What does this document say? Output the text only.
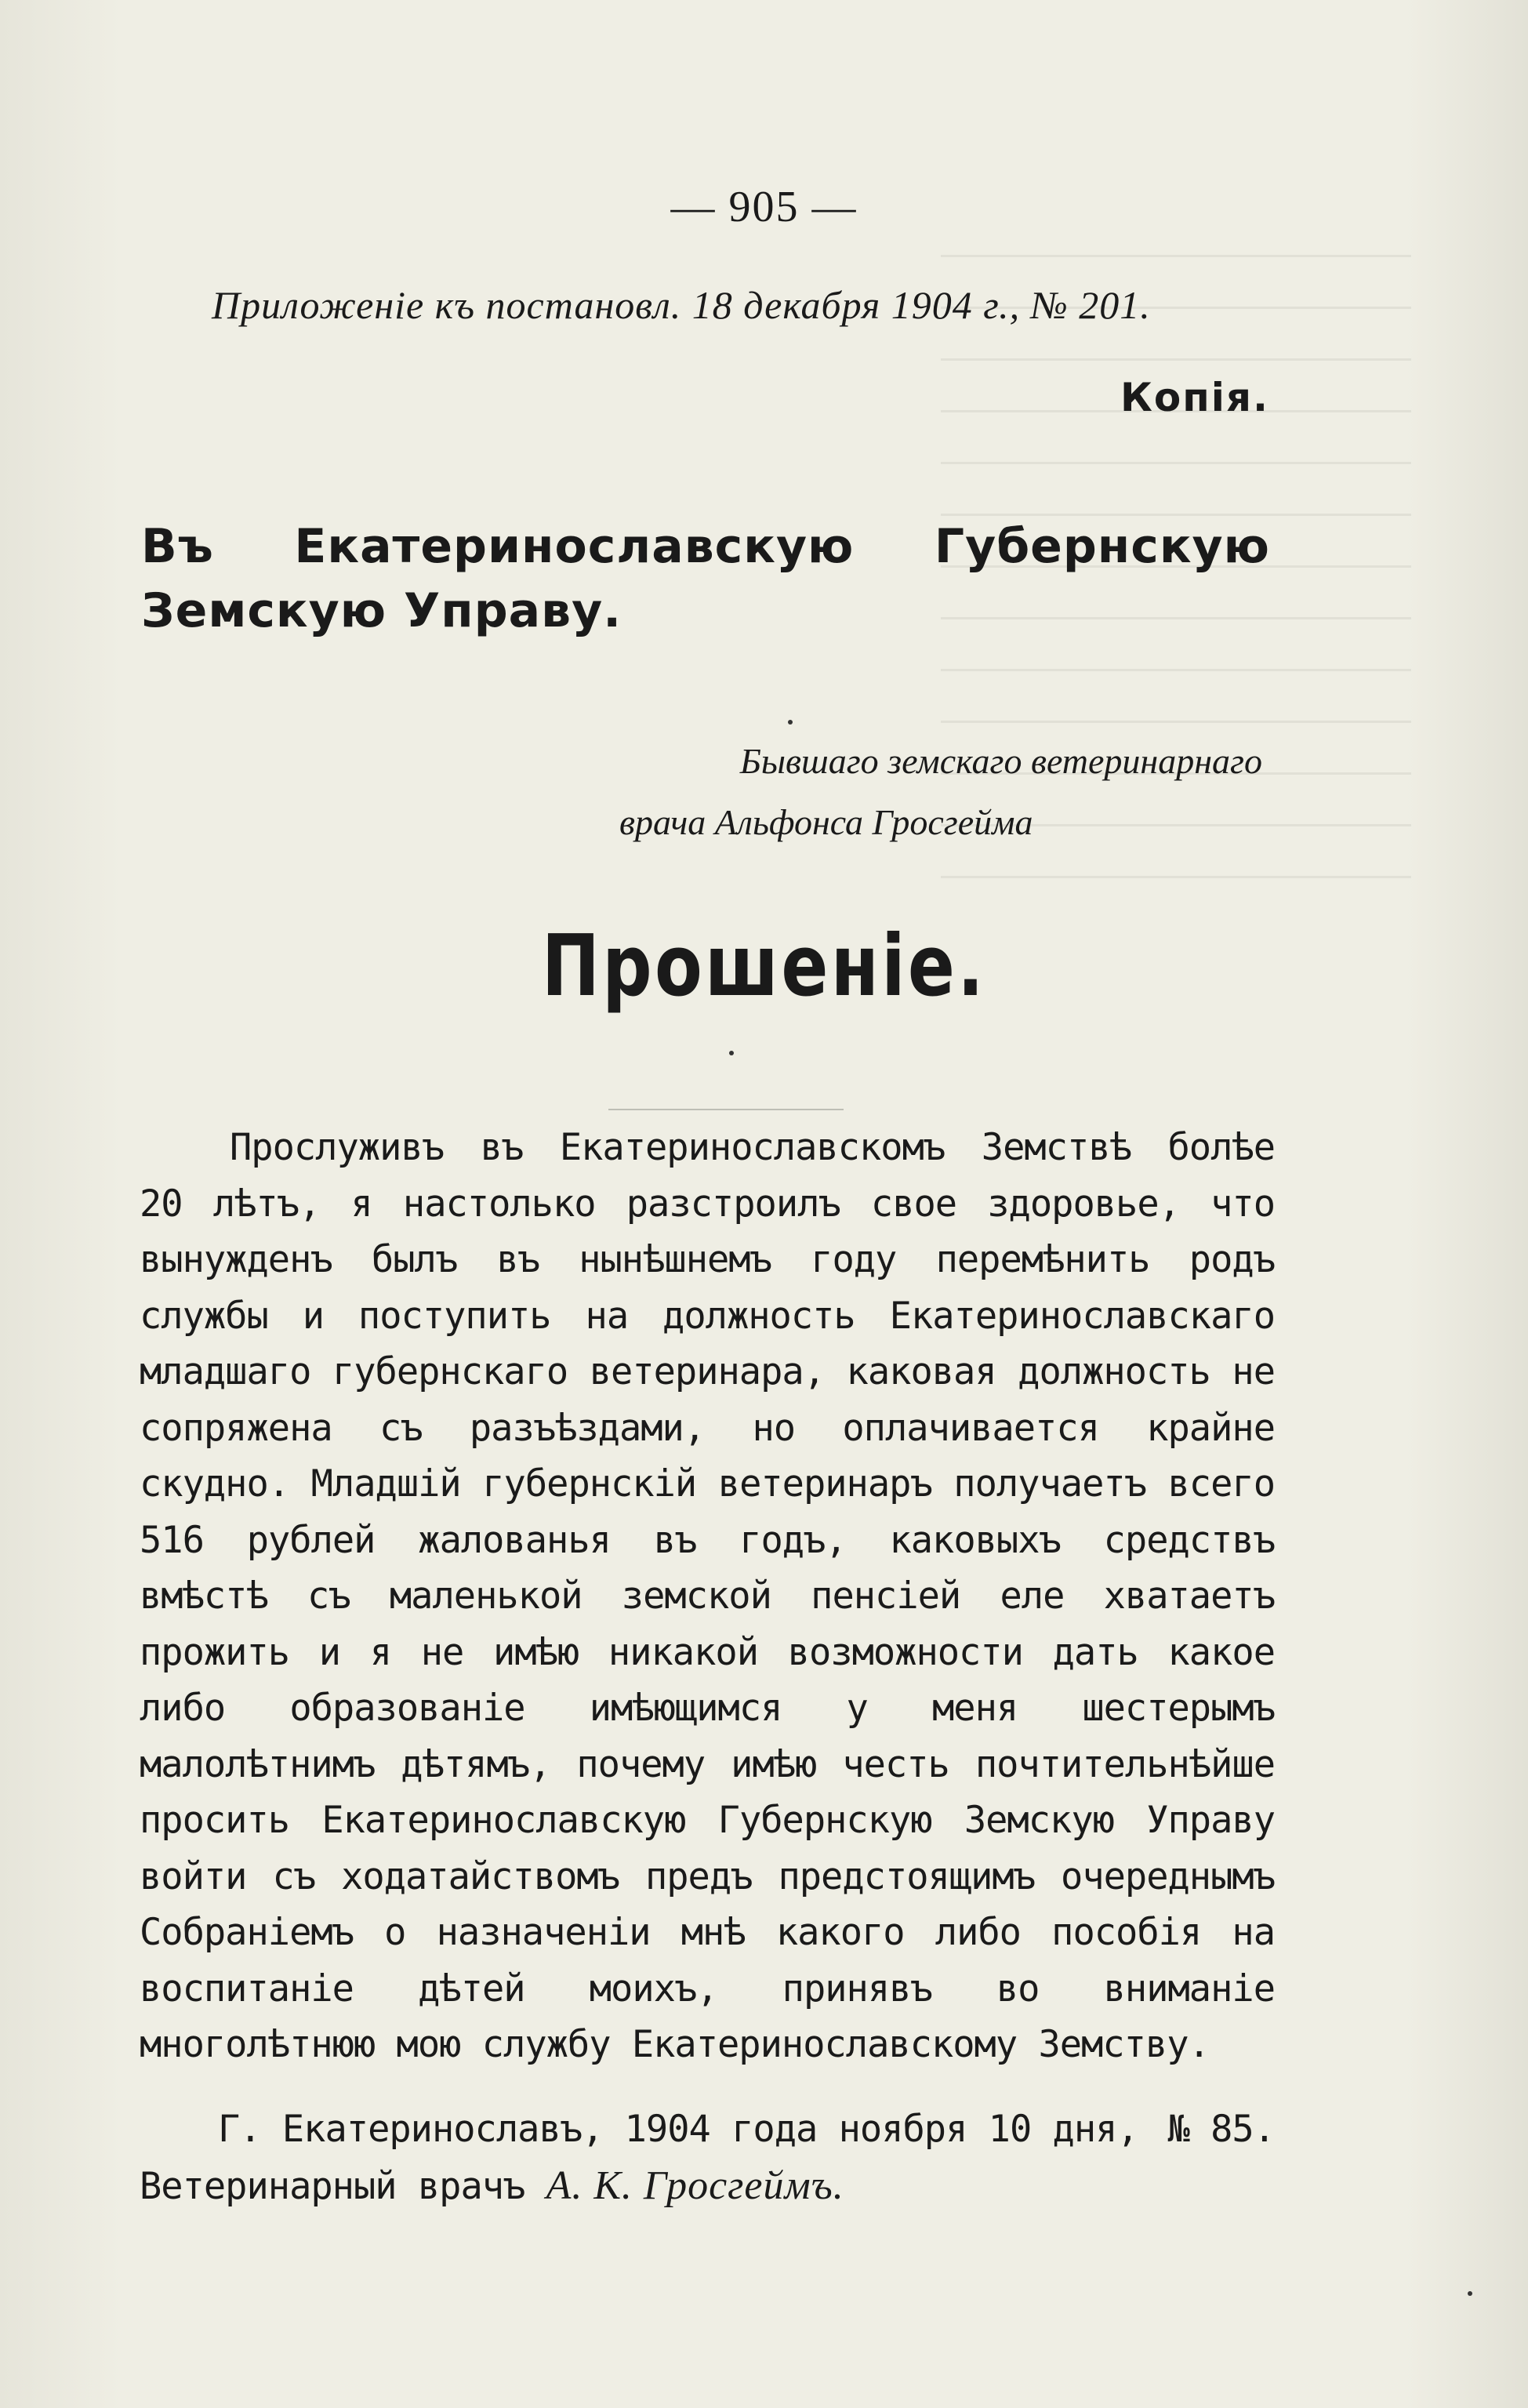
— 905 —
Приложеніе къ постановл. 18 декабря 1904 г., № 201.
Копія.
Въ Екатеринославскую Губернскую Земскую Управу.
Бывшаго земскаго ветеринарнаго
врача Альфонса Гросгейма
Прошеніе.

Прослуживъ въ Екатеринославскомъ Земствѣ болѣе 20 лѣтъ, я настолько разстроилъ свое здоровье, что вынужденъ былъ въ нынѣшнемъ году перемѣнить родъ службы и поступить на должность Екатеринославскаго младшаго губернскаго ветеринара, каковая должность не сопряжена съ разъѣздами, но оплачивается крайне скудно. Младшій губернскій ветеринаръ получаетъ всего 516 рублей жалованья въ годъ, каковыхъ средствъ вмѣстѣ съ маленькой земской пенсіей еле хватаетъ прожить и я не имѣю никакой возможности дать какое либо образованіе имѣющимся у меня шестерымъ малолѣтнимъ дѣтямъ, почему имѣю честь почтительнѣйше просить Екатеринославскую Губернскую Земскую Управу войти съ ходатайствомъ предъ предстоящимъ очереднымъ Собраніемъ о назначеніи мнѣ какого либо пособія на воспитаніе дѣтей моихъ, принявъ во вниманіе многолѣтнюю мою службу Екатеринославскому Земству.

Г. Екатеринославъ, 1904 года ноября 10 дня, № 85.
Ветеринарный врачъ А. К. Гросгеймъ.
